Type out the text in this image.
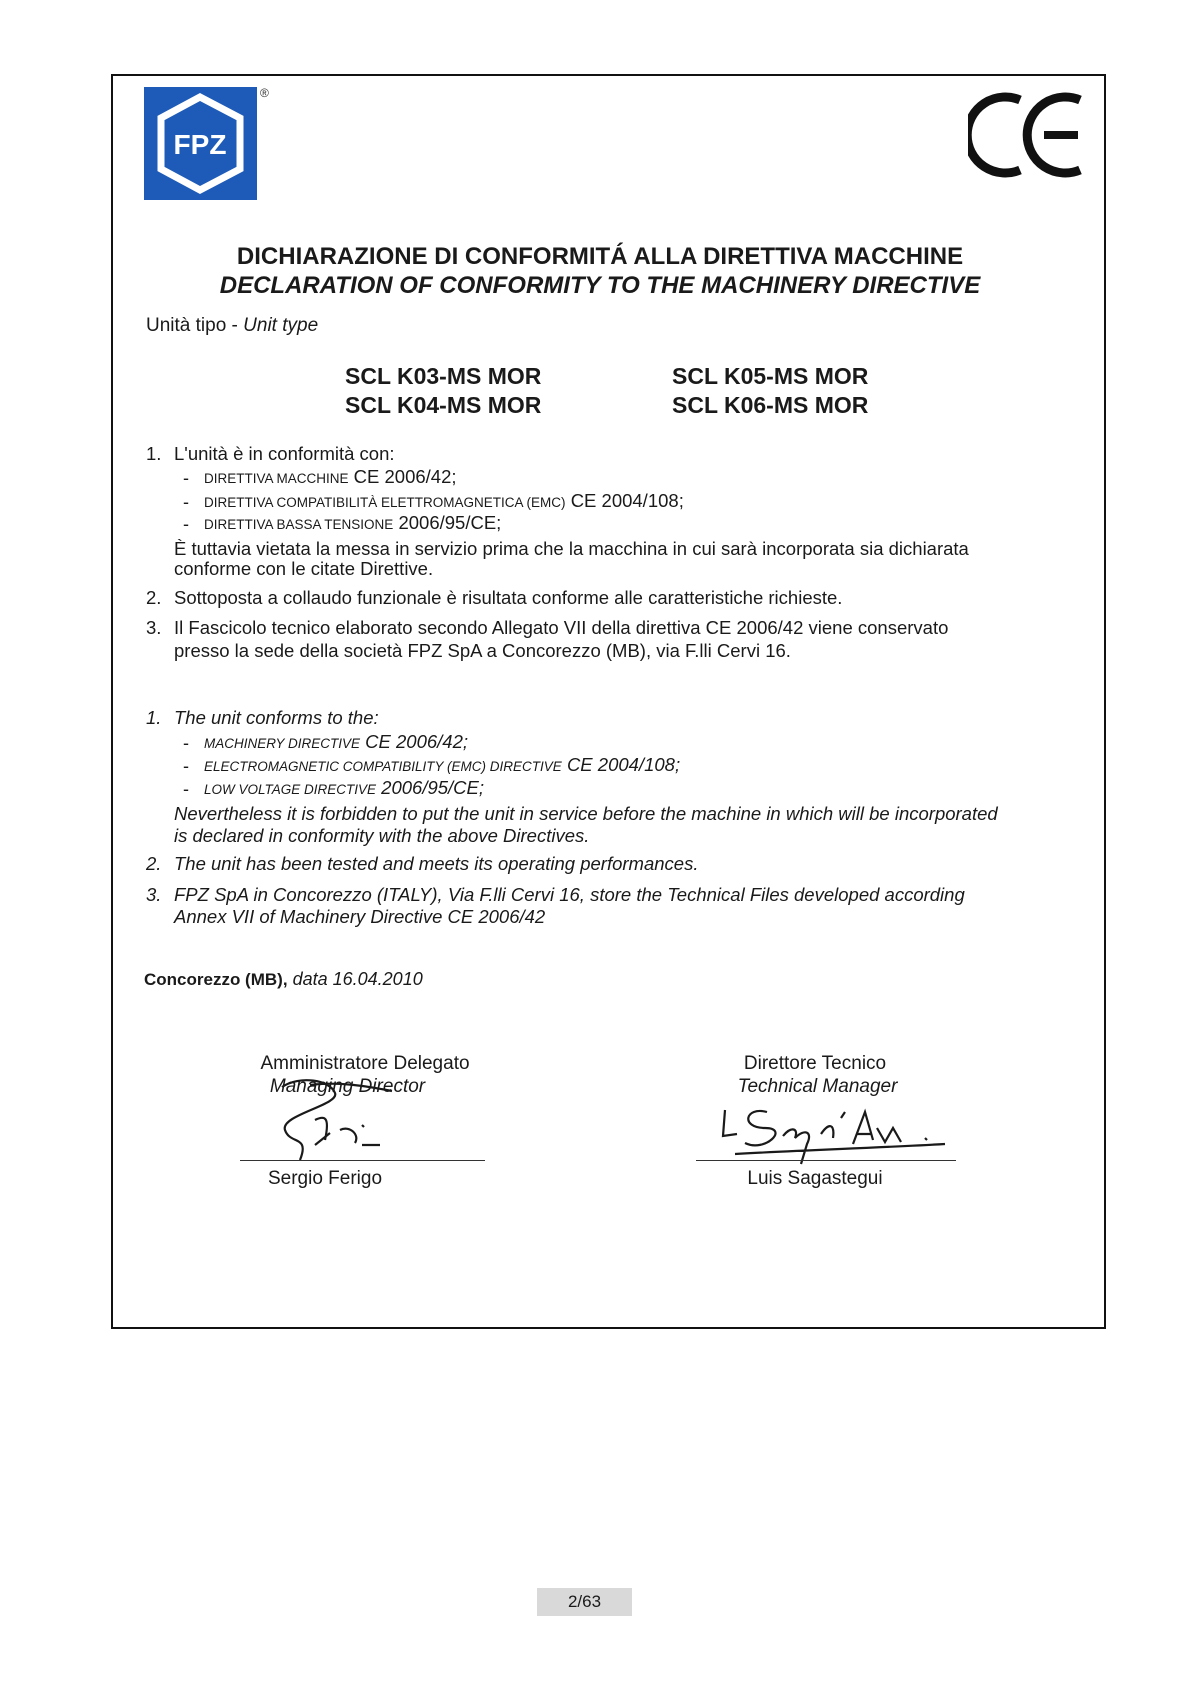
FPZ
®
DICHIARAZIONE DI CONFORMITÁ ALLA DIRETTIVA MACCHINE
DECLARATION OF CONFORMITY TO THE MACHINERY DIRECTIVE
Unità tipo - Unit type
SCL K03-MS MOR
SCL K04-MS MOR
SCL K05-MS MOR
SCL K06-MS MOR
1. L'unità è in conformità con:
- DIRETTIVA MACCHINE CE 2006/42;
- DIRETTIVA COMPATIBILITÀ ELETTROMAGNETICA (EMC) CE 2004/108;
- DIRETTIVA BASSA TENSIONE 2006/95/CE;
È tuttavia vietata la messa in servizio prima che la macchina in cui sarà incorporata sia dichiarata
conforme con le citate Direttive.
2. Sottoposta a collaudo funzionale è risultata conforme alle caratteristiche richieste.
3. Il Fascicolo tecnico elaborato secondo Allegato VII della direttiva CE 2006/42 viene conservato
presso la sede della società FPZ SpA a Concorezzo (MB), via F.lli Cervi 16.
1. The unit conforms to the:
- MACHINERY DIRECTIVE CE 2006/42;
- ELECTROMAGNETIC COMPATIBILITY (EMC) DIRECTIVE CE 2004/108;
- LOW VOLTAGE DIRECTIVE 2006/95/CE;
Nevertheless it is forbidden to put the unit in service before the machine in which will be incorporated
is declared in conformity with the above Directives.
2. The unit has been tested and meets its operating performances.
3. FPZ SpA in Concorezzo (ITALY), Via F.lli Cervi 16, store the Technical Files developed according
Annex VII of Machinery Directive CE 2006/42
Concorezzo (MB), data 16.04.2010
Amministratore Delegato
Managing Director
Sergio Ferigo
Direttore Tecnico
Technical Manager
Luis Sagastegui
2/63
